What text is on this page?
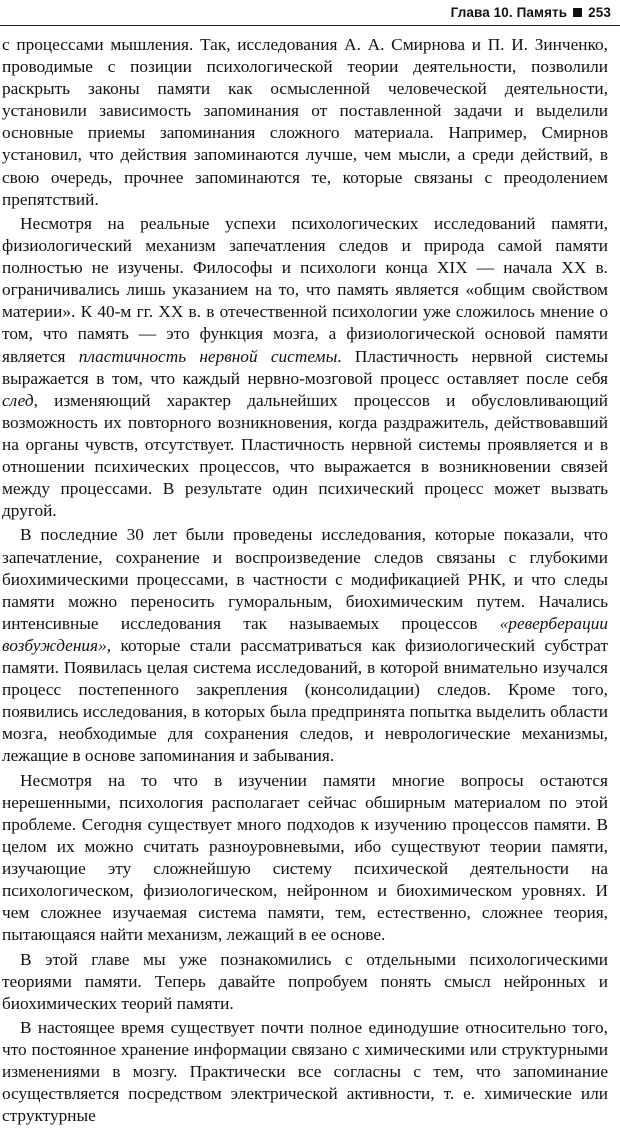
Глава 10. Память 253

с процессами мышления. Так, исследования А. А. Смирнова и П. И. Зинченко, проводимые с позиции психологической теории деятельности, позволили раскрыть законы памяти как осмысленной человеческой деятельности, установили зависимость запоминания от поставленной задачи и выделили основные приемы запоминания сложного материала. Например, Смирнов установил, что действия запоминаются лучше, чем мысли, а среди действий, в свою очередь, прочнее запоминаются те, которые связаны с преодолением препятствий.

Несмотря на реальные успехи психологических исследований памяти, физиологический механизм запечатления следов и природа самой памяти полностью не изучены. Философы и психологи конца XIX — начала XX в. ограничивались лишь указанием на то, что память является «общим свойством материи». К 40-м гг. XX в. в отечественной психологии уже сложилось мнение о том, что память — это функция мозга, а физиологической основой памяти является пластичность нервной системы. Пластичность нервной системы выражается в том, что каждый нервно-мозговой процесс оставляет после себя след, изменяющий характер дальнейших процессов и обусловливающий возможность их повторного возникновения, когда раздражитель, действовавший на органы чувств, отсутствует. Пластичность нервной системы проявляется и в отношении психических процессов, что выражается в возникновении связей между процессами. В результате один психический процесс может вызвать другой.

В последние 30 лет были проведены исследования, которые показали, что запечатление, сохранение и воспроизведение следов связаны с глубокими биохимическими процессами, в частности с модификацией РНК, и что следы памяти можно переносить гуморальным, биохимическим путем. Начались интенсивные исследования так называемых процессов «реверберации возбуждения», которые стали рассматриваться как физиологический субстрат памяти. Появилась целая система исследований, в которой внимательно изучался процесс постепенного закрепления (консолидации) следов. Кроме того, появились исследования, в которых была предпринята попытка выделить области мозга, необходимые для сохранения следов, и неврологические механизмы, лежащие в основе запоминания и забывания.

Несмотря на то что в изучении памяти многие вопросы остаются нерешенными, психология располагает сейчас обширным материалом по этой проблеме. Сегодня существует много подходов к изучению процессов памяти. В целом их можно считать разноуровневыми, ибо существуют теории памяти, изучающие эту сложнейшую систему психической деятельности на психологическом, физиологическом, нейронном и биохимическом уровнях. И чем сложнее изучаемая система памяти, тем, естественно, сложнее теория, пытающаяся найти механизм, лежащий в ее основе.

В этой главе мы уже познакомились с отдельными психологическими теориями памяти. Теперь давайте попробуем понять смысл нейронных и биохимических теорий памяти.

В настоящее время существует почти полное единодушие относительно того, что постоянное хранение информации связано с химическими или структурными изменениями в мозгу. Практически все согласны с тем, что запоминание осуществляется посредством электрической активности, т. е. химические или структурные
